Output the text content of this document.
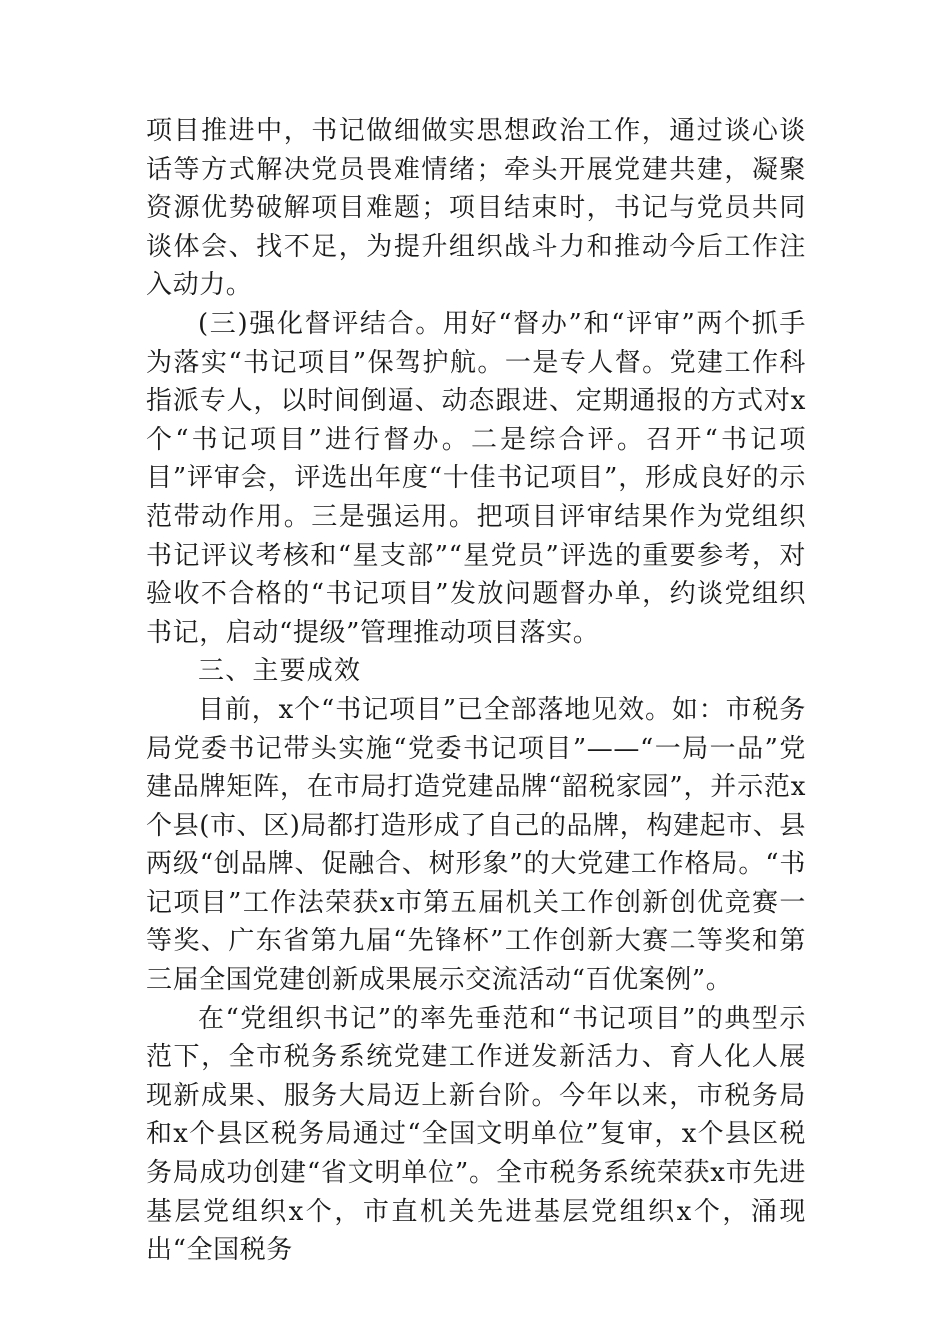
项目推进中，书记做细做实思想政治工作，通过谈心谈话等方式解决党员畏难情绪；牵头开展党建共建，凝聚资源优势破解项目难题；项目结束时，书记与党员共同谈体会、找不足，为提升组织战斗力和推动今后工作注入动力。

(三)强化督评结合。用好“督办”和“评审”两个抓手为落实“书记项目”保驾护航。一是专人督。党建工作科指派专人，以时间倒逼、动态跟进、定期通报的方式对x个“书记项目”进行督办。二是综合评。召开“书记项目”评审会，评选出年度“十佳书记项目”，形成良好的示范带动作用。三是强运用。把项目评审结果作为党组织书记评议考核和“星支部”“星党员”评选的重要参考，对验收不合格的“书记项目”发放问题督办单，约谈党组织书记，启动“提级”管理推动项目落实。

三、主要成效

目前，x个“书记项目”已全部落地见效。如：市税务局党委书记带头实施“党委书记项目”——“一局一品”党建品牌矩阵，在市局打造党建品牌“韶税家园”，并示范x个县(市、区)局都打造形成了自己的品牌，构建起市、县两级“创品牌、促融合、树形象”的大党建工作格局。“书记项目”工作法荣获x市第五届机关工作创新创优竞赛一等奖、广东省第九届“先锋杯”工作创新大赛二等奖和第三届全国党建创新成果展示交流活动“百优案例”。

在“党组织书记”的率先垂范和“书记项目”的典型示范下，全市税务系统党建工作迸发新活力、育人化人展现新成果、服务大局迈上新台阶。今年以来，市税务局和x个县区税务局通过“全国文明单位”复审，x个县区税务局成功创建“省文明单位”。全市税务系统荣获x市先进基层党组织x个，市直机关先进基层党组织x个，涌现出“全国税务
